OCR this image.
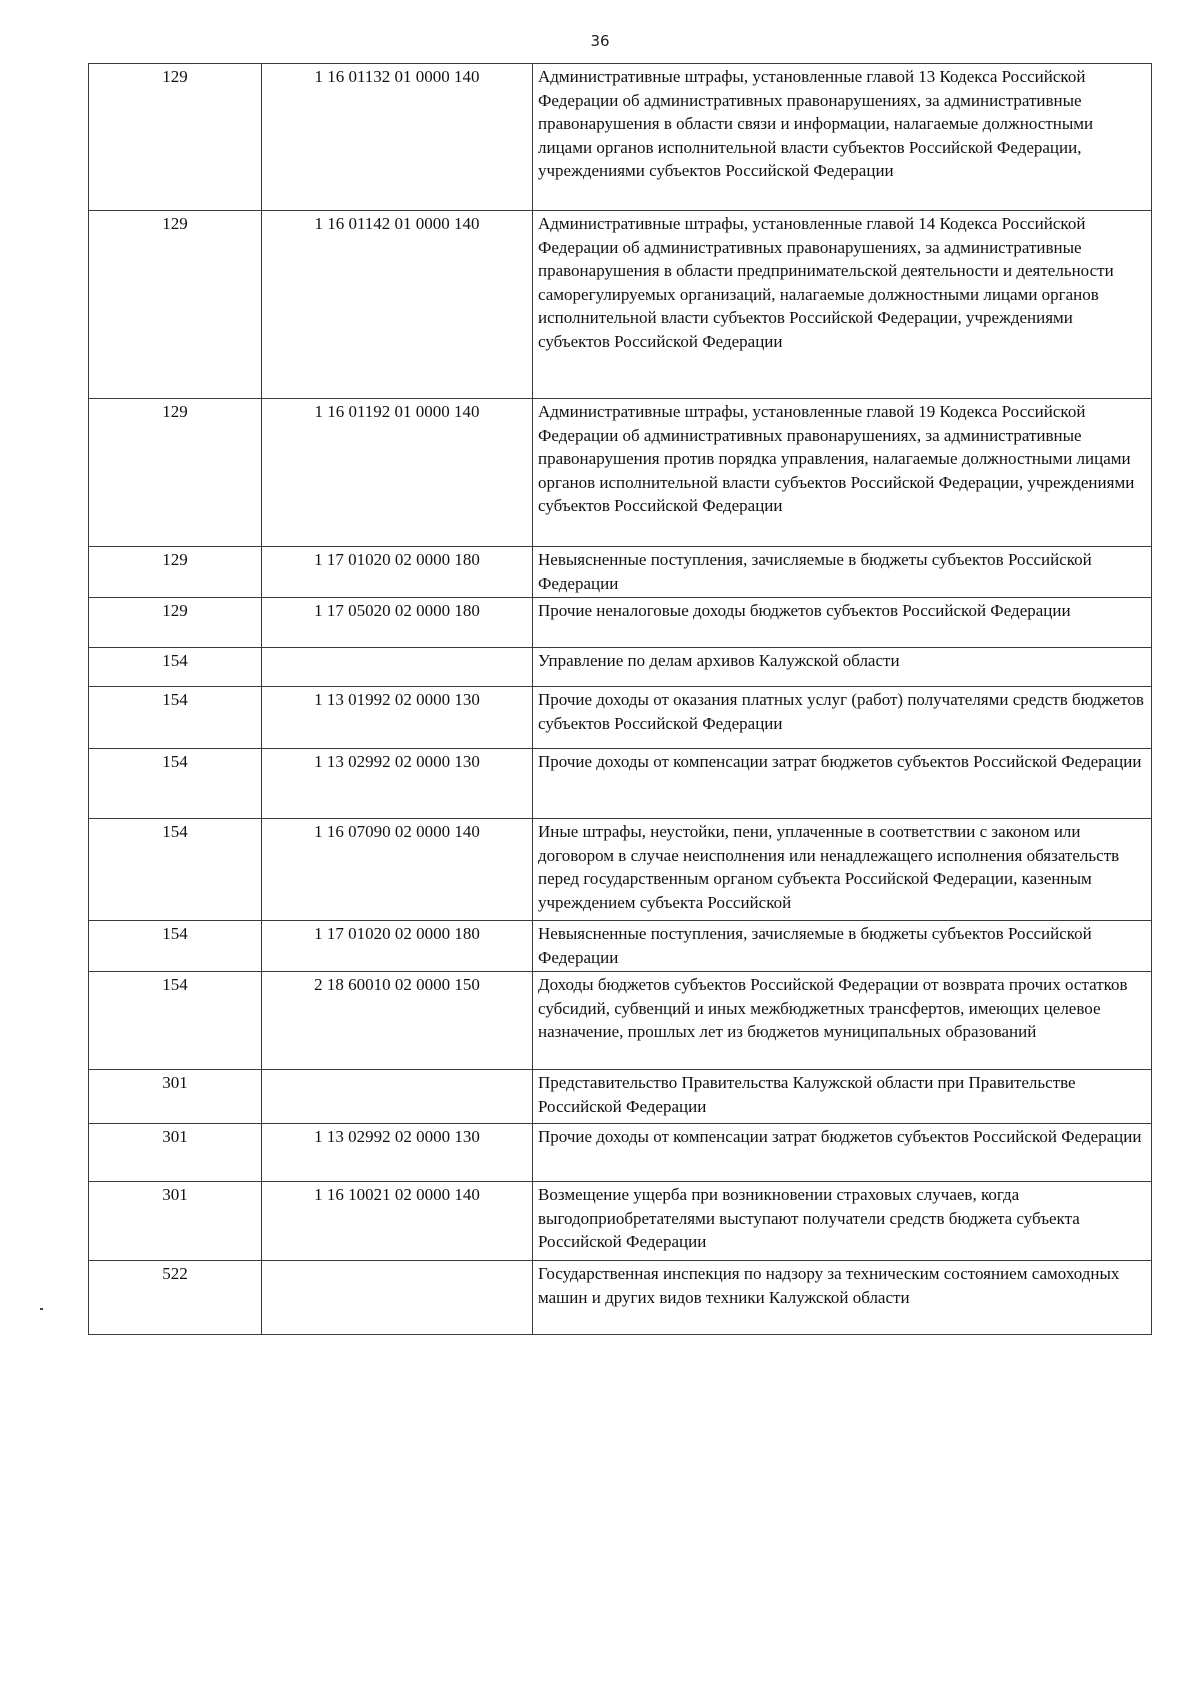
36
129	1 16 01132 01 0000 140	Административные штрафы, установленные главой 13 Кодекса Российской Федерации об административных правонарушениях, за административные правонарушения в области связи и информации, налагаемые должностными лицами органов исполнительной власти субъектов Российской Федерации, учреждениями субъектов Российской Федерации
129	1 16 01142 01 0000 140	Административные штрафы, установленные главой 14 Кодекса Российской Федерации об административных правонарушениях, за административные правонарушения в области предпринимательской деятельности и деятельности саморегулируемых организаций, налагаемые должностными лицами органов исполнительной власти субъектов Российской Федерации, учреждениями субъектов Российской Федерации
129	1 16 01192 01 0000 140	Административные штрафы, установленные главой 19 Кодекса Российской Федерации об административных правонарушениях, за административные правонарушения против порядка управления, налагаемые должностными лицами органов исполнительной власти субъектов Российской Федерации, учреждениями субъектов Российской Федерации
129	1 17 01020 02 0000 180	Невыясненные поступления, зачисляемые в бюджеты субъектов Российской Федерации
129	1 17 05020 02 0000 180	Прочие неналоговые доходы бюджетов субъектов Российской Федерации
154		Управление по делам архивов Калужской области
154	1 13 01992 02 0000 130	Прочие доходы от оказания платных услуг (работ) получателями средств бюджетов субъектов Российской Федерации
154	1 13 02992 02 0000 130	Прочие доходы от компенсации затрат бюджетов субъектов Российской Федерации
154	1 16 07090 02 0000 140	Иные штрафы, неустойки, пени, уплаченные в соответствии с законом или договором в случае неисполнения или ненадлежащего исполнения обязательств перед государственным органом субъекта Российской Федерации, казенным учреждением субъекта Российской
154	1 17 01020 02 0000 180	Невыясненные поступления, зачисляемые в бюджеты субъектов Российской Федерации
154	2 18 60010 02 0000 150	Доходы бюджетов субъектов Российской Федерации от возврата прочих остатков субсидий, субвенций и иных межбюджетных трансфертов, имеющих целевое назначение, прошлых лет из бюджетов муниципальных образований
301		Представительство Правительства Калужской области при Правительстве Российской Федерации
301	1 13 02992 02 0000 130	Прочие доходы от компенсации затрат бюджетов субъектов Российской Федерации
301	1 16 10021 02 0000 140	Возмещение ущерба при возникновении страховых случаев, когда выгодоприобретателями выступают получатели средств бюджета субъекта Российской Федерации
522		Государственная инспекция по надзору за техническим состоянием самоходных машин и других видов техники Калужской области
